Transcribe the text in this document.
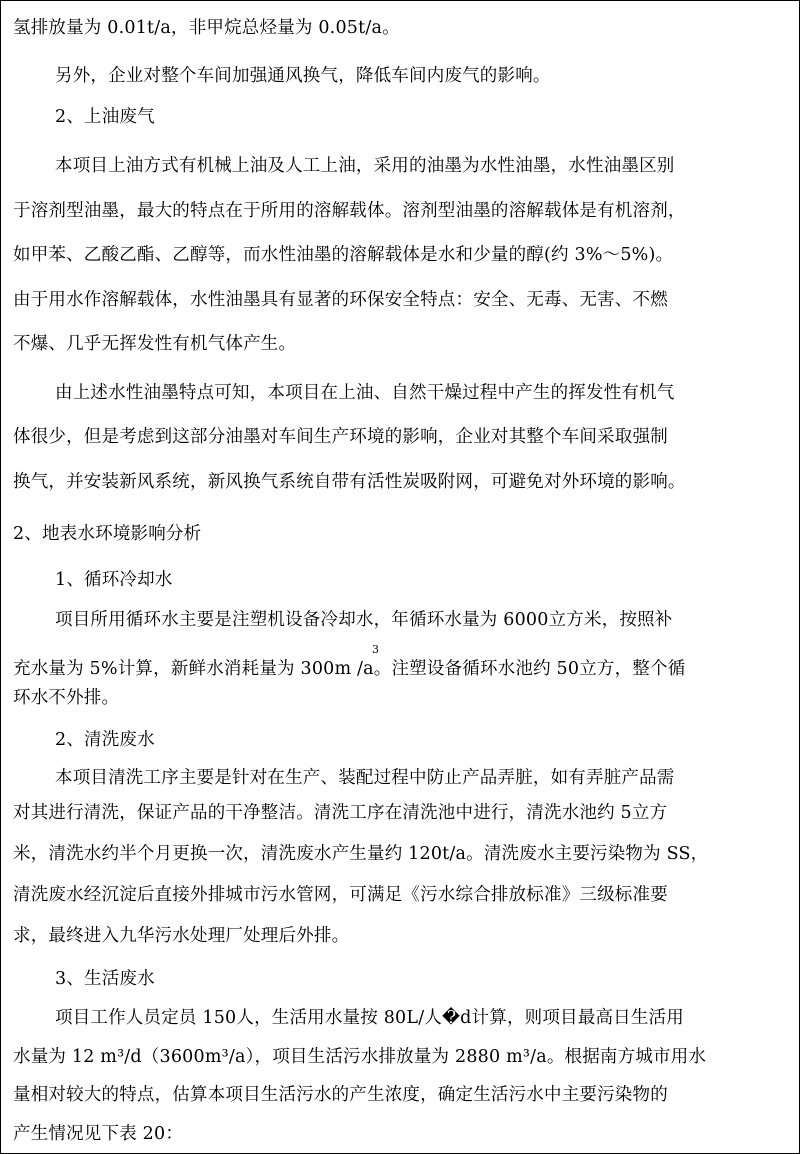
氢排放量为 0.01t/a，非甲烷总烃量为 0.05t/a。
另外，企业对整个车间加强通风换气，降低车间内废气的影响。
2、上油废气
本项目上油方式有机械上油及人工上油，采用的油墨为水性油墨，水性油墨区别
于溶剂型油墨，最大的特点在于所用的溶解载体。溶剂型油墨的溶解载体是有机溶剂，
如甲苯、乙酸乙酯、乙醇等，而水性油墨的溶解载体是水和少量的醇(约 3%～5%)。
由于用水作溶解载体，水性油墨具有显著的环保安全特点：安全、无毒、无害、不燃
不爆、几乎无挥发性有机气体产生。
由上述水性油墨特点可知，本项目在上油、自然干燥过程中产生的挥发性有机气
体很少，但是考虑到这部分油墨对车间生产环境的影响，企业对其整个车间采取强制
换气，并安装新风系统，新风换气系统自带有活性炭吸附网，可避免对外环境的影响。
2、地表水环境影响分析
1、循环冷却水
项目所用循环水主要是注塑机设备冷却水，年循环水量为 6000立方米，按照补
3
充水量为 5%计算，新鲜水消耗量为 300m /a。注塑设备循环水池约 50立方，整个循
环水不外排。
2、清洗废水
本项目清洗工序主要是针对在生产、装配过程中防止产品弄脏，如有弄脏产品需
对其进行清洗，保证产品的干净整洁。清洗工序在清洗池中进行，清洗水池约 5立方
米，清洗水约半个月更换一次，清洗废水产生量约 120t/a。清洗废水主要污染物为 SS，
清洗废水经沉淀后直接外排城市污水管网，可满足《污水综合排放标准》三级标准要
求，最终进入九华污水处理厂处理后外排。
3、生活废水
项目工作人员定员 150人，生活用水量按 80L/人�d计算，则项目最高日生活用
水量为 12 m³/d（3600m³/a），项目生活污水排放量为 2880 m³/a。根据南方城市用水
量相对较大的特点，估算本项目生活污水的产生浓度，确定生活污水中主要污染物的
产生情况见下表 20：
